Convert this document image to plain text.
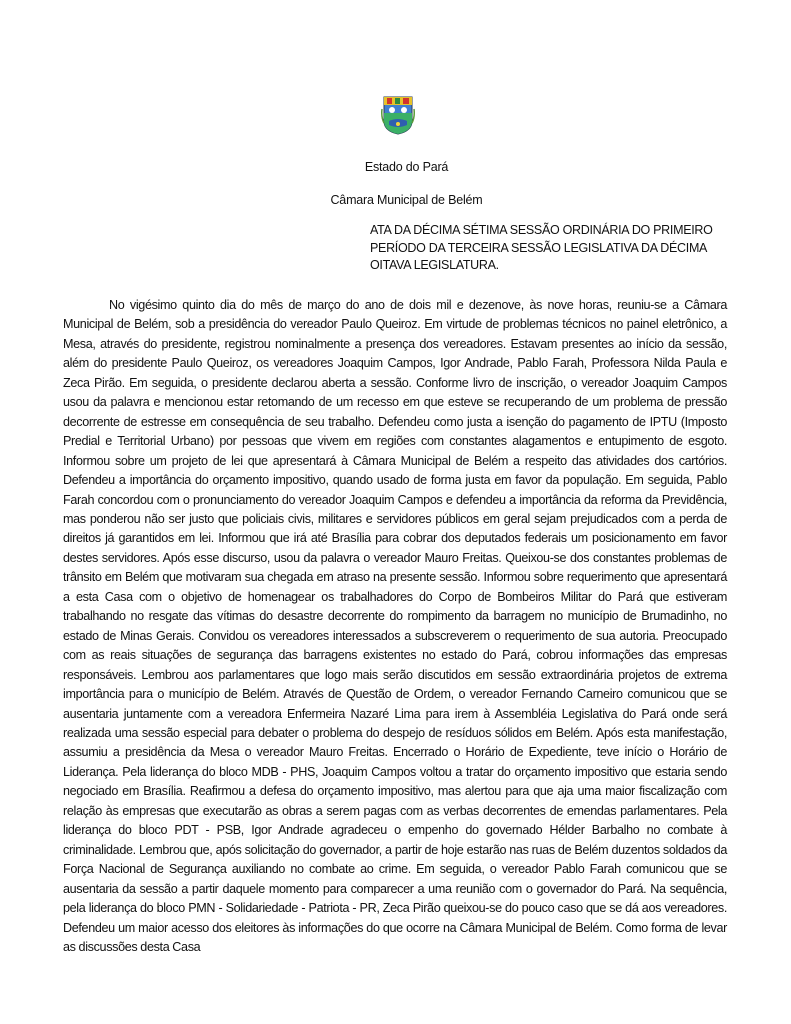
Estado do Pará
Câmara Municipal de Belém
ATA DA DÉCIMA SÉTIMA SESSÃO ORDINÁRIA DO PRIMEIRO PERÍODO DA TERCEIRA SESSÃO LEGISLATIVA DA DÉCIMA OITAVA LEGISLATURA.

No vigésimo quinto dia do mês de março do ano de dois mil e dezenove, às nove horas, reuniu-se a Câmara Municipal de Belém, sob a presidência do vereador Paulo Queiroz. Em virtude de problemas técnicos no painel eletrônico, a Mesa, através do presidente, registrou nominalmente a presença dos vereadores. Estavam presentes ao início da sessão, além do presidente Paulo Queiroz, os vereadores Joaquim Campos, Igor Andrade, Pablo Farah, Professora Nilda Paula e Zeca Pirão. Em seguida, o presidente declarou aberta a sessão. Conforme livro de inscrição, o vereador Joaquim Campos usou da palavra e mencionou estar retomando de um recesso em que esteve se recuperando de um problema de pressão decorrente de estresse em consequência de seu trabalho. Defendeu como justa a isenção do pagamento de IPTU (Imposto Predial e Territorial Urbano) por pessoas que vivem em regiões com constantes alagamentos e entupimento de esgoto. Informou sobre um projeto de lei que apresentará à Câmara Municipal de Belém a respeito das atividades dos cartórios. Defendeu a importância do orçamento impositivo, quando usado de forma justa em favor da população. Em seguida, Pablo Farah concordou com o pronunciamento do vereador Joaquim Campos e defendeu a importância da reforma da Previdência, mas ponderou não ser justo que policiais civis, militares e servidores públicos em geral sejam prejudicados com a perda de direitos já garantidos em lei. Informou que irá até Brasília para cobrar dos deputados federais um posicionamento em favor destes servidores. Após esse discurso, usou da palavra o vereador Mauro Freitas. Queixou-se dos constantes problemas de trânsito em Belém que motivaram sua chegada em atraso na presente sessão. Informou sobre requerimento que apresentará a esta Casa com o objetivo de homenagear os trabalhadores do Corpo de Bombeiros Militar do Pará que estiveram trabalhando no resgate das vítimas do desastre decorrente do rompimento da barragem no município de Brumadinho, no estado de Minas Gerais. Convidou os vereadores interessados a subscreverem o requerimento de sua autoria. Preocupado com as reais situações de segurança das barragens existentes no estado do Pará, cobrou informações das empresas responsáveis. Lembrou aos parlamentares que logo mais serão discutidos em sessão extraordinária projetos de extrema importância para o município de Belém. Através de Questão de Ordem, o vereador Fernando Carneiro comunicou que se ausentaria juntamente com a vereadora Enfermeira Nazaré Lima para irem à Assembléia Legislativa do Pará onde será realizada uma sessão especial para debater o problema do despejo de resíduos sólidos em Belém. Após esta manifestação, assumiu a presidência da Mesa o vereador Mauro Freitas. Encerrado o Horário de Expediente, teve início o Horário de Liderança. Pela liderança do bloco MDB - PHS, Joaquim Campos voltou a tratar do orçamento impositivo que estaria sendo negociado em Brasília. Reafirmou a defesa do orçamento impositivo, mas alertou para que aja uma maior fiscalização com relação às empresas que executarão as obras a serem pagas com as verbas decorrentes de emendas parlamentares. Pela liderança do bloco PDT - PSB, Igor Andrade agradeceu o empenho do governado Hélder Barbalho no combate à criminalidade. Lembrou que, após solicitação do governador, a partir de hoje estarão nas ruas de Belém duzentos soldados da Força Nacional de Segurança auxiliando no combate ao crime. Em seguida, o vereador Pablo Farah comunicou que se ausentaria da sessão a partir daquele momento para comparecer a uma reunião com o governador do Pará. Na sequência, pela liderança do bloco PMN - Solidariedade - Patriota - PR, Zeca Pirão queixou-se do pouco caso que se dá aos vereadores. Defendeu um maior acesso dos eleitores às informações do que ocorre na Câmara Municipal de Belém. Como forma de levar as discussões desta Casa
